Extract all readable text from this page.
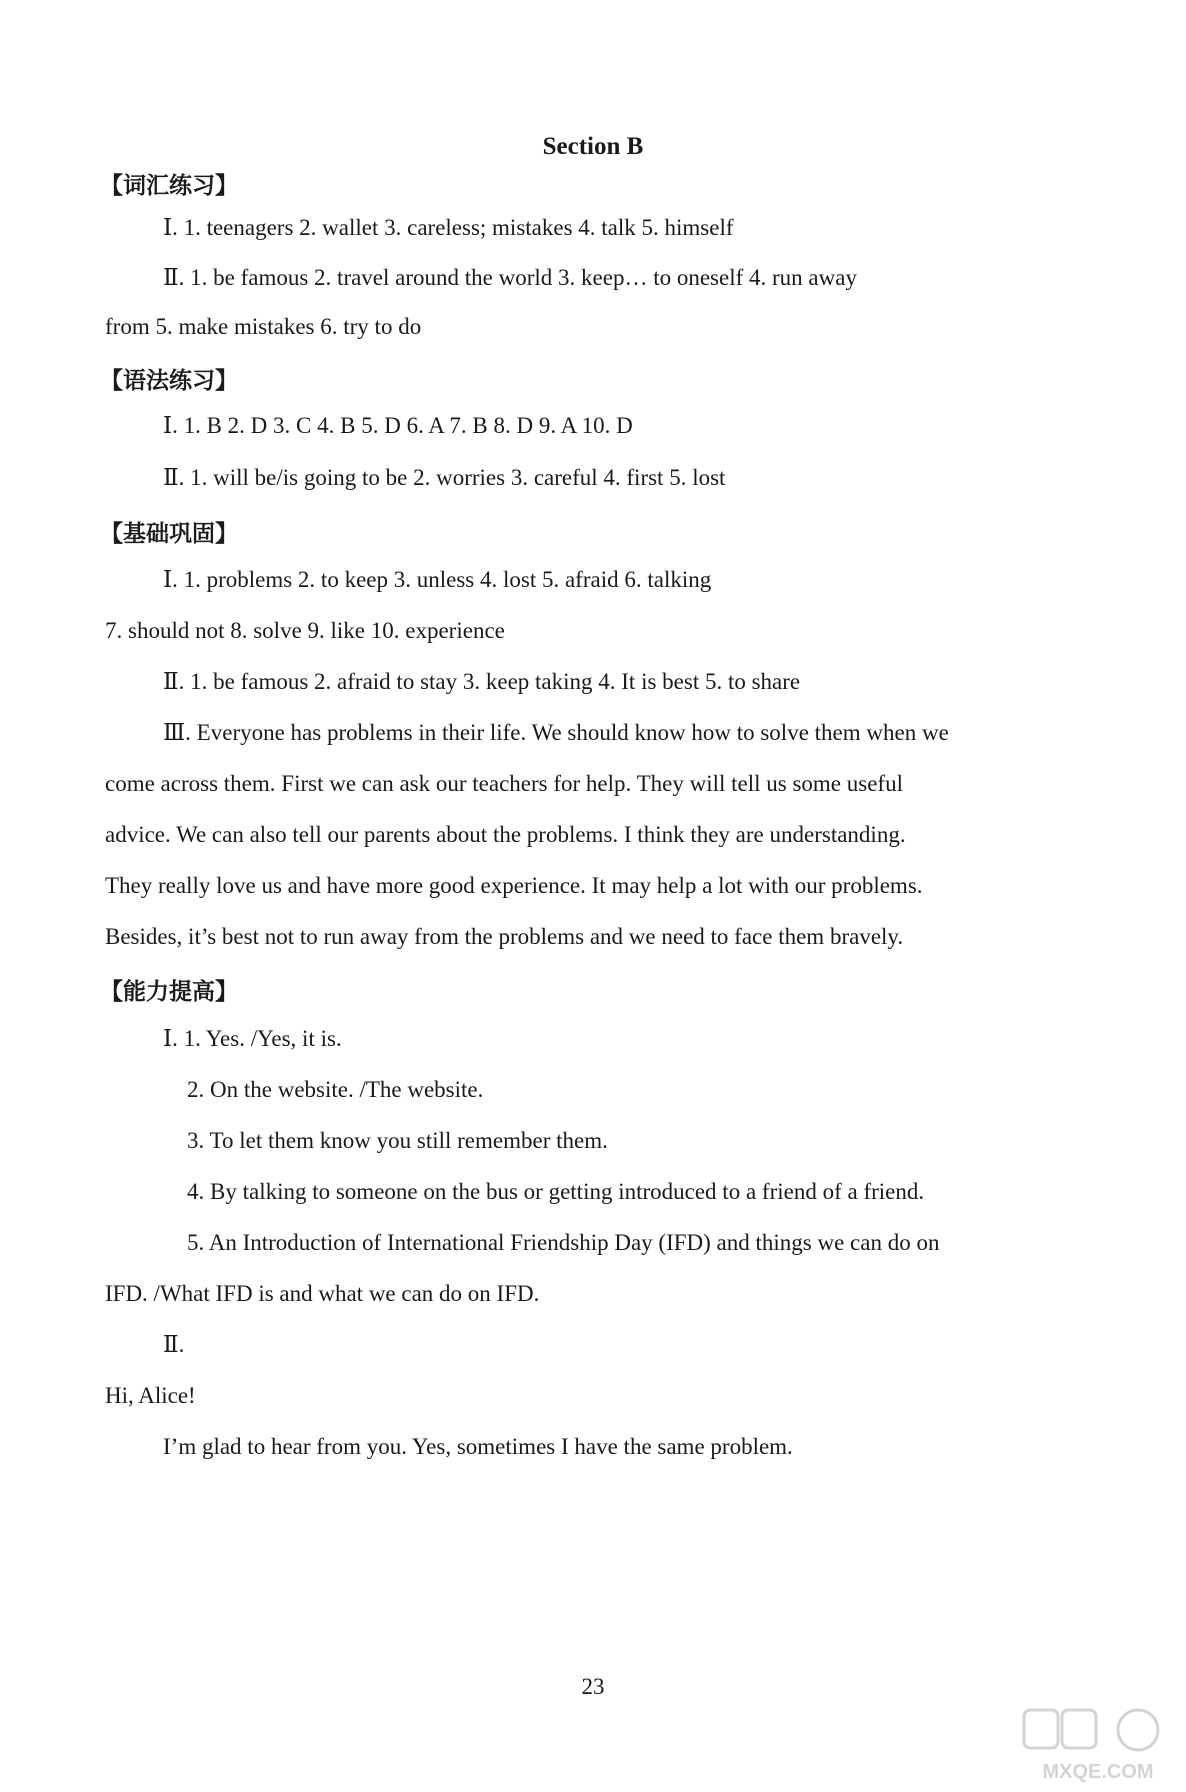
Section B
【词汇练习】
Ⅰ. 1. teenagers 2. wallet 3. careless; mistakes 4. talk 5. himself
Ⅱ. 1. be famous 2. travel around the world 3. keep… to oneself 4. run away
from 5. make mistakes 6. try to do
【语法练习】
Ⅰ. 1. B 2. D 3. C 4. B 5. D 6. A 7. B 8. D 9. A 10. D
Ⅱ. 1. will be/is going to be 2. worries 3. careful 4. first 5. lost
【基础巩固】
Ⅰ. 1. problems 2. to keep 3. unless 4. lost 5. afraid 6. talking
7. should not 8. solve 9. like 10. experience
Ⅱ. 1. be famous 2. afraid to stay 3. keep taking 4. It is best 5. to share
Ⅲ. Everyone has problems in their life. We should know how to solve them when we
come across them. First we can ask our teachers for help. They will tell us some useful
advice. We can also tell our parents about the problems. I think they are understanding.
They really love us and have more good experience. It may help a lot with our problems.
Besides, it’s best not to run away from the problems and we need to face them bravely.
【能力提高】
Ⅰ. 1. Yes. /Yes, it is.
2. On the website. /The website.
3. To let them know you still remember them.
4. By talking to someone on the bus or getting introduced to a friend of a friend.
5. An Introduction of International Friendship Day (IFD) and things we can do on
IFD. /What IFD is and what we can do on IFD.
Ⅱ.
Hi, Alice!
I’m glad to hear from you. Yes, sometimes I have the same problem.
23
MXQE.COM
